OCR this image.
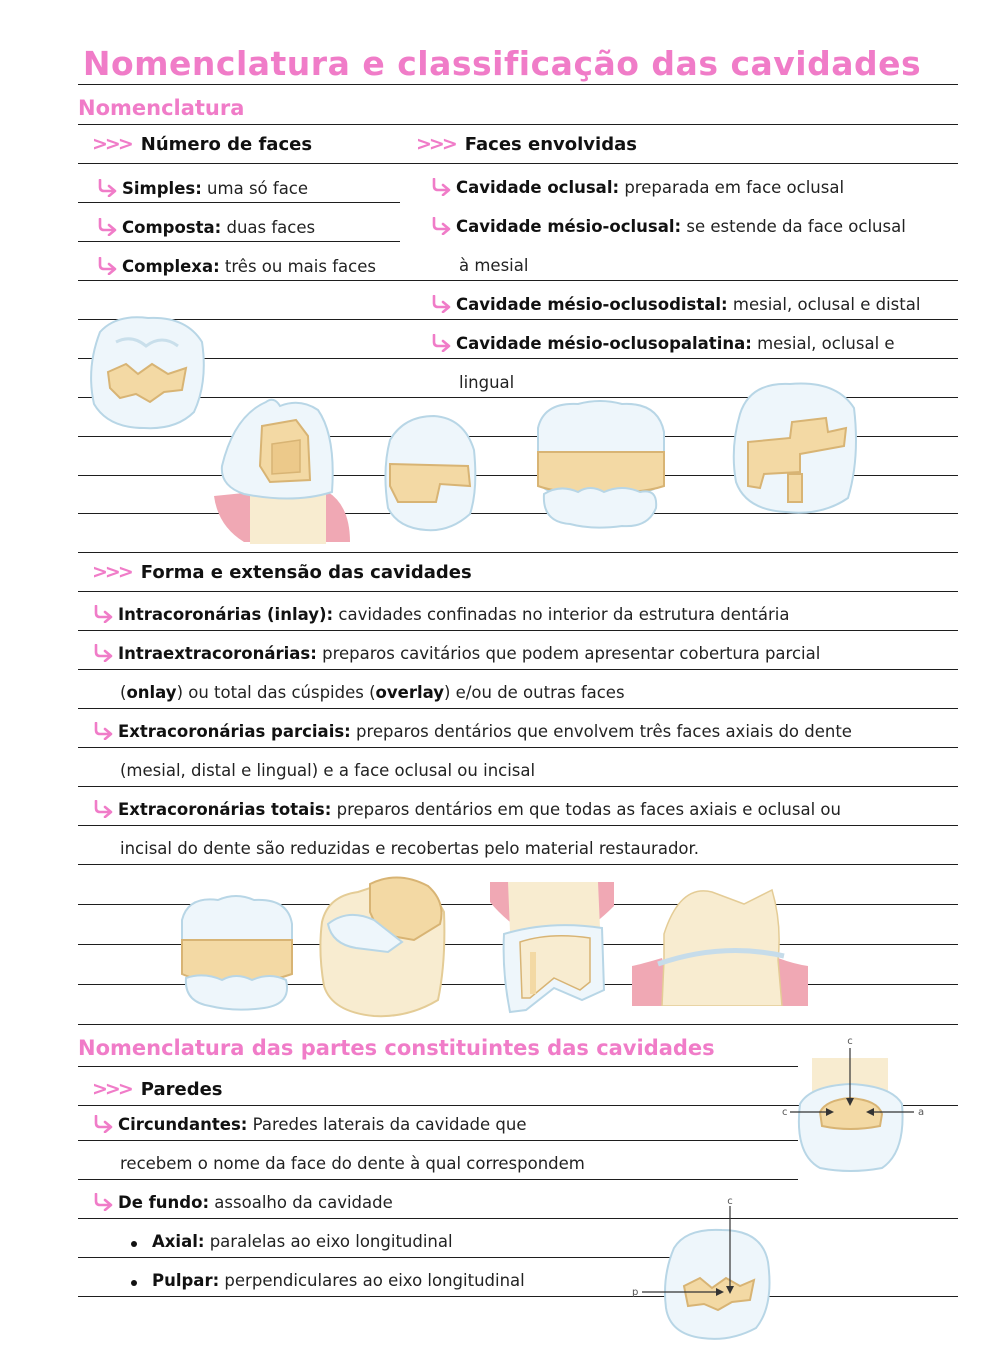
Nomenclatura e classificação das cavidades
Nomenclatura
>>> Número de faces	>>> Faces envolvidas
Simples: uma só face
Composta: duas faces
Complexa: três ou mais faces
Cavidade oclusal: preparada em face oclusal
Cavidade mésio-oclusal: se estende da face oclusal
à mesial
Cavidade mésio-oclusodistal: mesial, oclusal e distal
Cavidade mésio-oclusopalatina: mesial, oclusal e
lingual
>>> Forma e extensão das cavidades
Intracoronárias (inlay): cavidades confinadas no interior da estrutura dentária
Intraextracoronárias: preparos cavitários que podem apresentar cobertura parcial
(onlay) ou total das cúspides (overlay) e/ou de outras faces
Extracoronárias parciais: preparos dentários que envolvem três faces axiais do dente
(mesial, distal e lingual) e a face oclusal ou incisal
Extracoronárias totais: preparos dentários em que todas as faces axiais e oclusal ou
incisal do dente são reduzidas e recobertas pelo material restaurador.
Nomenclatura das partes constituintes das cavidades
>>> Paredes
Circundantes: Paredes laterais da cavidade que
recebem o nome da face do dente à qual correspondem
De fundo: assoalho da cavidade
Axial: paralelas ao eixo longitudinal
Pulpar: perpendiculares ao eixo longitudinal
c
c	a
c
p
